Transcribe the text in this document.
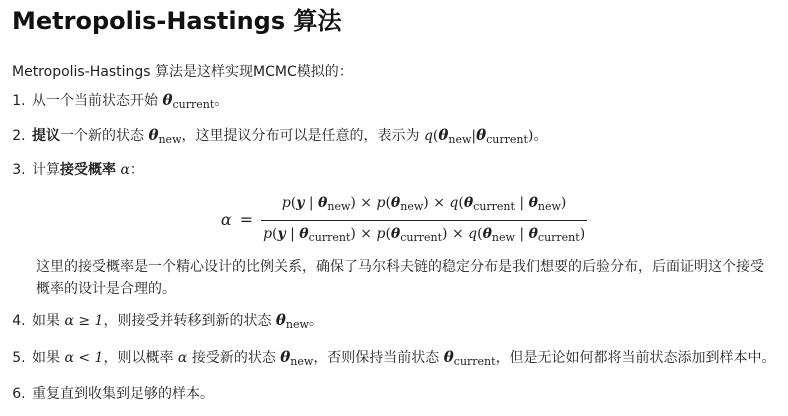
Metropolis-Hastings 算法
Metropolis-Hastings 算法是这样实现MCMC模拟的：
1. 从一个当前状态开始 $\theta_{current}$。
2. 提议一个新的状态 $\theta_{new}$，这里提议分布可以是任意的，表示为 $q(\theta_{new}|\theta_{current})$。
3. 计算接受概率 α：
$\alpha = \frac{p(y | \theta_{new}) \times p(\theta_{new}) \times q(\theta_{current} | \theta_{new})}{p(y | \theta_{current}) \times p(\theta_{current}) \times q(\theta_{new} | \theta_{current})}$
这里的接受概率是一个精心设计的比例关系，确保了马尔科夫链的稳定分布是我们想要的后验分布，后面证明这个接受概率的设计是合理的。
4. 如果 α ≥ 1，则接受并转移到新的状态 $\theta_{new}$。
5. 如果 α < 1，则以概率 α 接受新的状态 $\theta_{new}$，否则保持当前状态 $\theta_{current}$，但是无论如何都将当前状态添加到样本中。
6. 重复直到收集到足够的样本。
